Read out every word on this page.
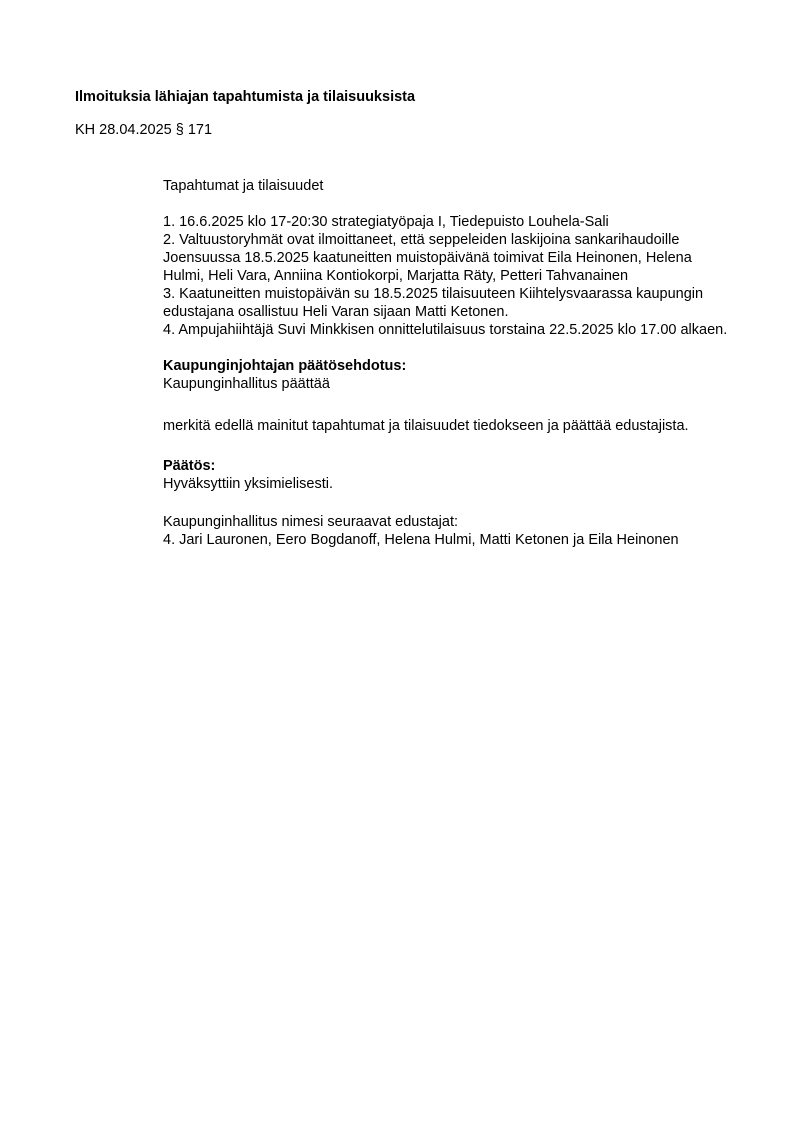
Ilmoituksia lähiajan tapahtumista ja tilaisuuksista

KH 28.04.2025 § 171

Tapahtumat ja tilaisuudet
1. 16.6.2025 klo 17-20:30 strategiatyöpaja I, Tiedepuisto Louhela-Sali
2. Valtuustoryhmät ovat ilmoittaneet, että seppeleiden laskijoina sankarihaudoille
Joensuussa 18.5.2025 kaatuneitten muistopäivänä toimivat Eila Heinonen, Helena
Hulmi, Heli Vara, Anniina Kontiokorpi, Marjatta Räty, Petteri Tahvanainen
3. Kaatuneitten muistopäivän su 18.5.2025 tilaisuuteen Kiihtelysvaarassa kaupungin
edustajana osallistuu Heli Varan sijaan Matti Ketonen.
4. Ampujahiihtäjä Suvi Minkkisen onnittelutilaisuus torstaina 22.5.2025 klo 17.00 alkaen.
Kaupunginjohtajan päätösehdotus:
Kaupunginhallitus päättää
merkitä edellä mainitut tapahtumat ja tilaisuudet tiedokseen ja päättää edustajista.
Päätös:
Hyväksyttiin yksimielisesti.
Kaupunginhallitus nimesi seuraavat edustajat:
4. Jari Lauronen, Eero Bogdanoff, Helena Hulmi, Matti Ketonen ja Eila Heinonen
